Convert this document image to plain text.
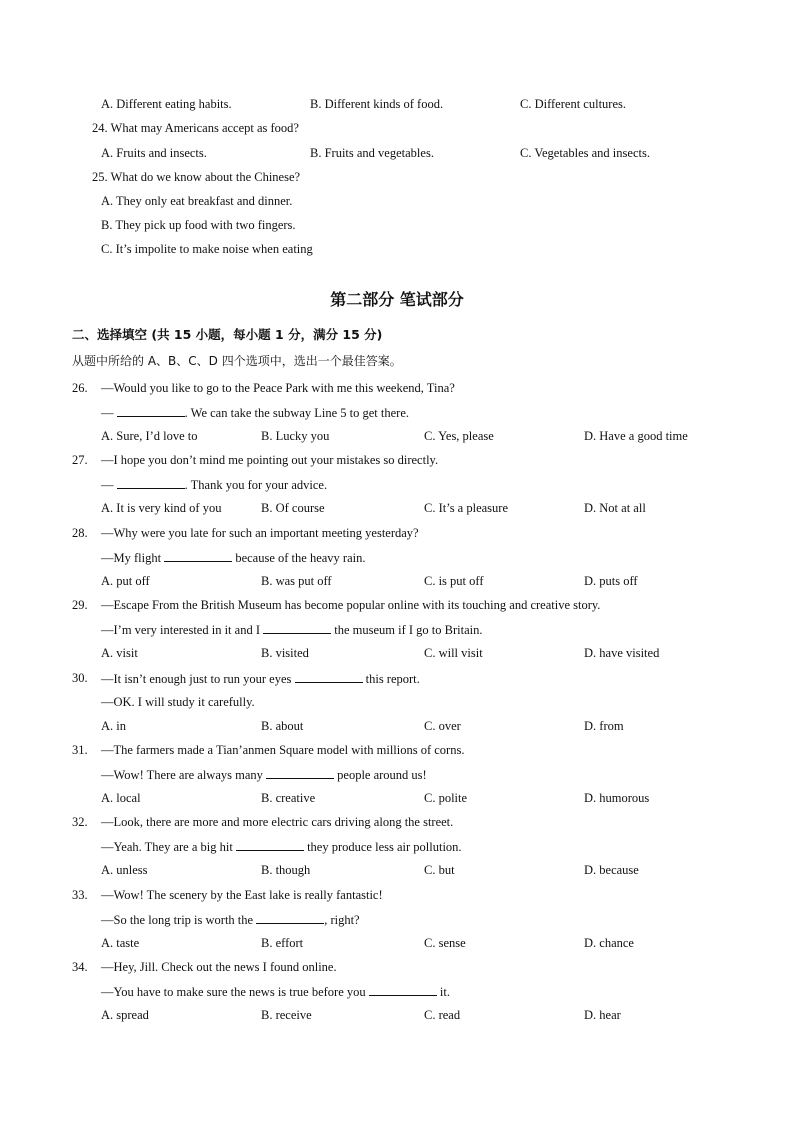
A. Different eating habits.	B. Different kinds of food.	C. Different cultures.
24. What may Americans accept as food?
A. Fruits and insects.	B. Fruits and vegetables.	C. Vegetables and insects.
25. What do we know about the Chinese?
A. They only eat breakfast and dinner.
B. They pick up food with two fingers.
C. It’s impolite to make noise when eating
第二部分 笔试部分
二、选择填空 (共 15 小题，每小题 1 分，满分 15 分)
从题中所给的 A、B、C、D 四个选项中，选出一个最佳答案。
26. —Would you like to go to the Peace Park with me this weekend, Tina?
—	. We can take the subway Line 5 to get there.
A. Sure, I’d love to	B. Lucky you	C. Yes, please	D. Have a good time
27. —I hope you don’t mind me pointing out your mistakes so directly.
—	. Thank you for your advice.
A. It is very kind of you	B. Of course	C. It’s a pleasure	D. Not at all
28. —Why were you late for such an important meeting yesterday?
—My flight	because of the heavy rain.
A. put off	B. was put off	C. is put off	D. puts off
29. —Escape From the British Museum has become popular online with its touching and creative story.
—I’m very interested in it and I	the museum if I go to Britain.
A. visit	B. visited	C. will visit	D. have visited
30. —It isn’t enough just to run your eyes	this report.
—OK. I will study it carefully.
A. in	B. about	C. over	D. from
31. —The farmers made a Tian’anmen Square model with millions of corns.
—Wow! There are always many	people around us!
A. local	B. creative	C. polite	D. humorous
32. —Look, there are more and more electric cars driving along the street.
—Yeah. They are a big hit	they produce less air pollution.
A. unless	B. though	C. but	D. because
33. —Wow! The scenery by the East lake is really fantastic!
—So the long trip is worth the	, right?
A. taste	B. effort	C. sense	D. chance
34. —Hey, Jill. Check out the news I found online.
—You have to make sure the news is true before you	it.
A. spread	B. receive	C. read	D. hear
